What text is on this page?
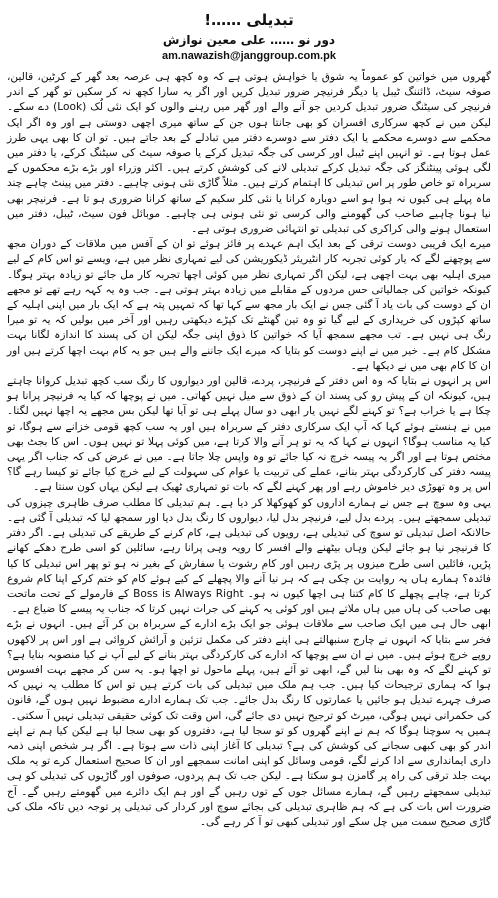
تبدیلی ……!
دور نو …… علی معین نوازش
am.nawazish@janggroup.com.pk

گھروں میں خواتین کو عموماً یہ شوق یا خواہش ہوتی ہے کہ وہ کچھ ہی عرصہ بعد گھر کے کرٹین، قالین، صوفہ سیٹ، ڈائننگ ٹیبل یا دیگر فرنیچر ضرور تبدیل کریں اور اگر یہ سارا کچھ نہ کر سکیں تو گھر کے اندر فرنیچر کی سیٹنگ ضرور تبدیل کردیں جو آنے والے اور گھر میں رہنے والوں کو ایک نئی لُک (Look) دے سکے۔ لیکن میں نے کچھ سرکاری افسران کو بھی جانتا ہوں جن کے ساتھ میری اچھی دوستی ہے اور وہ اگر ایک محکمے سے دوسرے محکمے یا ایک دفتر سے دوسرے دفتر میں تبادلے کے بعد جاتے ہیں۔ تو ان کا بھی یہی طرز عمل ہوتا ہے۔ تو انہیں اپنے ٹیبل اور کرسی کی جگہ تبدیل کرکے یا صوفہ سیٹ کی سیٹنگ کرکے، یا دفتر میں لگی ہوئی پینٹنگز کی جگہ تبدیل کرکے تبدیلی لانے کی کوشش کرتے ہیں۔ اکثر وزراء اور بڑے بڑے محکموں کے سربراہ تو خاص طور پر اس تبدیلی کا اہتمام کرتے ہیں۔ مثلاً گاڑی نئی ہونی چاہیے۔ دفتر میں پینٹ چاہے چند ماہ پہلے ہی کیوں نہ ہوا ہو اسے دوبارہ کرانا یا نئی کلر سکیم کے ساتھ کرانا ضروری ہو تا ہے۔ فرنیچر بھی نیا ہونا چاہیے صاحب کی گھومنے والی کرسی تو نئی ہونی ہی چاہیے۔ موبائل فون سیٹ، ٹیبل، دفتر میں استعمال ہونے والی کراکری کی تبدیلی تو انتہائی ضروری ہوتی ہے۔

میرے ایک قریبی دوست ترقی کے بعد ایک اہم عہدے پر فائز ہوئے تو ان کے آفس میں ملاقات کے دوران مجھ سے پوچھنے لگے کہ یار کوئی تجربہ کار انٹیریئر ڈیکوریشن کی لیے تمہاری نظر میں ہے، ویسے تو اس کام کے لیے میری اہلیہ بھی بہت اچھی ہے، لیکن اگر تمہاری نظر میں کوئی اچھا تجربہ کار مل جائے تو زیادہ بہتر ہوگا۔ کیونکہ خواتین کی جمالیاتی حس مردوں کے مقابلے میں زیادہ بہتر ہوتی ہے۔ جب وہ یہ کہہ رہے تھے تو مجھے ان کے دوست کی بات یاد آ گئی جس نے ایک بار مجھ سے کہا تھا کہ تمہیں پتہ ہے کہ ایک بار میں اپنی اہلیہ کے ساتھ کپڑوں کی خریداری کے لیے گیا تو وہ تین گھنٹے تک کپڑے دیکھتی رہیں اور آخر میں بولیں کہ یہ تو میرا رنگ ہی نہیں ہے۔ تب مجھے سمجھ آیا کہ خواتین کا ذوق اپنی جگہ لیکن ان کی پسند کا اندازہ لگانا بہت مشکل کام ہے۔ خیر میں نے اپنے دوست کو بتایا کہ میرے ایک جاننے والے ہیں جو یہ کام بہت اچھا کرتے ہیں اور ان کا کام بھی میں نے دیکھا ہے۔

اس پر انہوں نے بتایا کہ وہ اس دفتر کے فرنیچر، پردے، قالین اور دیواروں کا رنگ سب کچھ تبدیل کروانا چاہتے ہیں، کیونکہ ان کے پیش رو کی پسند ان کے ذوق سے میل نہیں کھاتی۔ میں نے پوچھا کہ کیا یہ فرنیچر پرانا ہو چکا ہے یا خراب ہے؟ تو کہنے لگے نہیں یار ابھی دو سال پہلے ہی تو آیا تھا لیکن بس مجھے یہ اچھا نہیں لگتا۔ میں نے ہنستے ہوئے کہا کہ آپ ایک سرکاری دفتر کے سربراہ ہیں اور یہ سب کچھ قومی خزانے سے ہوگا، تو کیا یہ مناسب ہوگا؟ انہوں نے کہا کہ یہ تو ہر آنے والا کرتا ہے، میں کوئی پہلا تو نہیں ہوں۔ اس کا بجٹ بھی مختص ہوتا ہے اور اگر یہ پیسہ خرچ نہ کیا جائے تو وہ واپس چلا جاتا ہے۔ میں نے عرض کی کہ جناب اگر یہی پیسہ دفتر کی کارکردگی بہتر بنانے، عملے کی تربیت یا عوام کی سہولت کے لیے خرچ کیا جائے تو کیسا رہے گا؟ اس پر وہ تھوڑی دیر خاموش رہے اور پھر کہنے لگے کہ بات تو تمہاری ٹھیک ہے لیکن یہاں کون سنتا ہے۔

یہی وہ سوچ ہے جس نے ہمارے اداروں کو کھوکھلا کر دیا ہے۔ ہم تبدیلی کا مطلب صرف ظاہری چیزوں کی تبدیلی سمجھتے ہیں۔ پردے بدل لیے، فرنیچر بدل لیا، دیواروں کا رنگ بدل دیا اور سمجھ لیا کہ تبدیلی آ گئی ہے۔ حالانکہ اصل تبدیلی تو سوچ کی تبدیلی ہے، رویوں کی تبدیلی ہے، کام کرنے کے طریقے کی تبدیلی ہے۔ اگر دفتر کا فرنیچر نیا ہو جائے لیکن وہاں بیٹھنے والے افسر کا رویہ وہی پرانا رہے، سائلین کو اسی طرح دھکے کھانے پڑیں، فائلیں اسی طرح میزوں پر پڑی رہیں اور کام رشوت یا سفارش کے بغیر نہ ہو تو پھر اس تبدیلی کا کیا فائدہ؟ ہمارے ہاں یہ روایت بن چکی ہے کہ ہر نیا آنے والا پچھلے کے کیے ہوئے کام کو ختم کرکے اپنا کام شروع کرتا ہے، چاہے پچھلے کا کام کتنا ہی اچھا کیوں نہ ہو۔ Boss is Always Right کے فارمولے کے تحت ماتحت بھی صاحب کی ہاں میں ہاں ملاتے ہیں اور کوئی یہ کہنے کی جرات نہیں کرتا کہ جناب یہ پیسے کا ضیاع ہے۔

ابھی حال ہی میں ایک صاحب سے ملاقات ہوئی جو ایک بڑے ادارے کے سربراہ بن کر آئے ہیں۔ انہوں نے بڑے فخر سے بتایا کہ انہوں نے چارج سنبھالتے ہی اپنے دفتر کی مکمل تزئین و آرائش کروائی ہے اور اس پر لاکھوں روپے خرچ ہوئے ہیں۔ میں نے ان سے پوچھا کہ ادارے کی کارکردگی بہتر بنانے کے لیے آپ نے کیا منصوبہ بنایا ہے؟ تو کہنے لگے کہ وہ بھی بنا لیں گے، ابھی تو آئے ہیں، پہلے ماحول تو اچھا ہو۔ یہ سن کر مجھے بہت افسوس ہوا کہ ہماری ترجیحات کیا ہیں۔ جب ہم ملک میں تبدیلی کی بات کرتے ہیں تو اس کا مطلب یہ نہیں کہ صرف چہرے تبدیل ہو جائیں یا عمارتوں کا رنگ بدل جائے۔ جب تک ہمارے ادارے مضبوط نہیں ہوں گے، قانون کی حکمرانی نہیں ہوگی، میرٹ کو ترجیح نہیں دی جائے گی، اس وقت تک کوئی حقیقی تبدیلی نہیں آ سکتی۔

ہمیں یہ سوچنا ہوگا کہ ہم نے اپنے گھروں کو تو سجا لیا ہے، دفتروں کو بھی سجا لیا ہے لیکن کیا ہم نے اپنے اندر کو بھی کبھی سجانے کی کوشش کی ہے؟ تبدیلی کا آغاز اپنی ذات سے ہوتا ہے۔ اگر ہر شخص اپنی ذمہ داری ایمانداری سے ادا کرنے لگے، قومی وسائل کو اپنی امانت سمجھے اور ان کا صحیح استعمال کرے تو یہ ملک بہت جلد ترقی کی راہ پر گامزن ہو سکتا ہے۔ لیکن جب تک ہم پردوں، صوفوں اور گاڑیوں کی تبدیلی کو ہی تبدیلی سمجھتے رہیں گے، ہمارے مسائل جوں کے توں رہیں گے اور ہم ایک دائرے میں گھومتے رہیں گے۔ آج ضرورت اس بات کی ہے کہ ہم ظاہری تبدیلی کی بجائے سوچ اور کردار کی تبدیلی پر توجہ دیں تاکہ ملک کی گاڑی صحیح سمت میں چل سکے اور تبدیلی کبھی تو آ کر رہے گی۔
